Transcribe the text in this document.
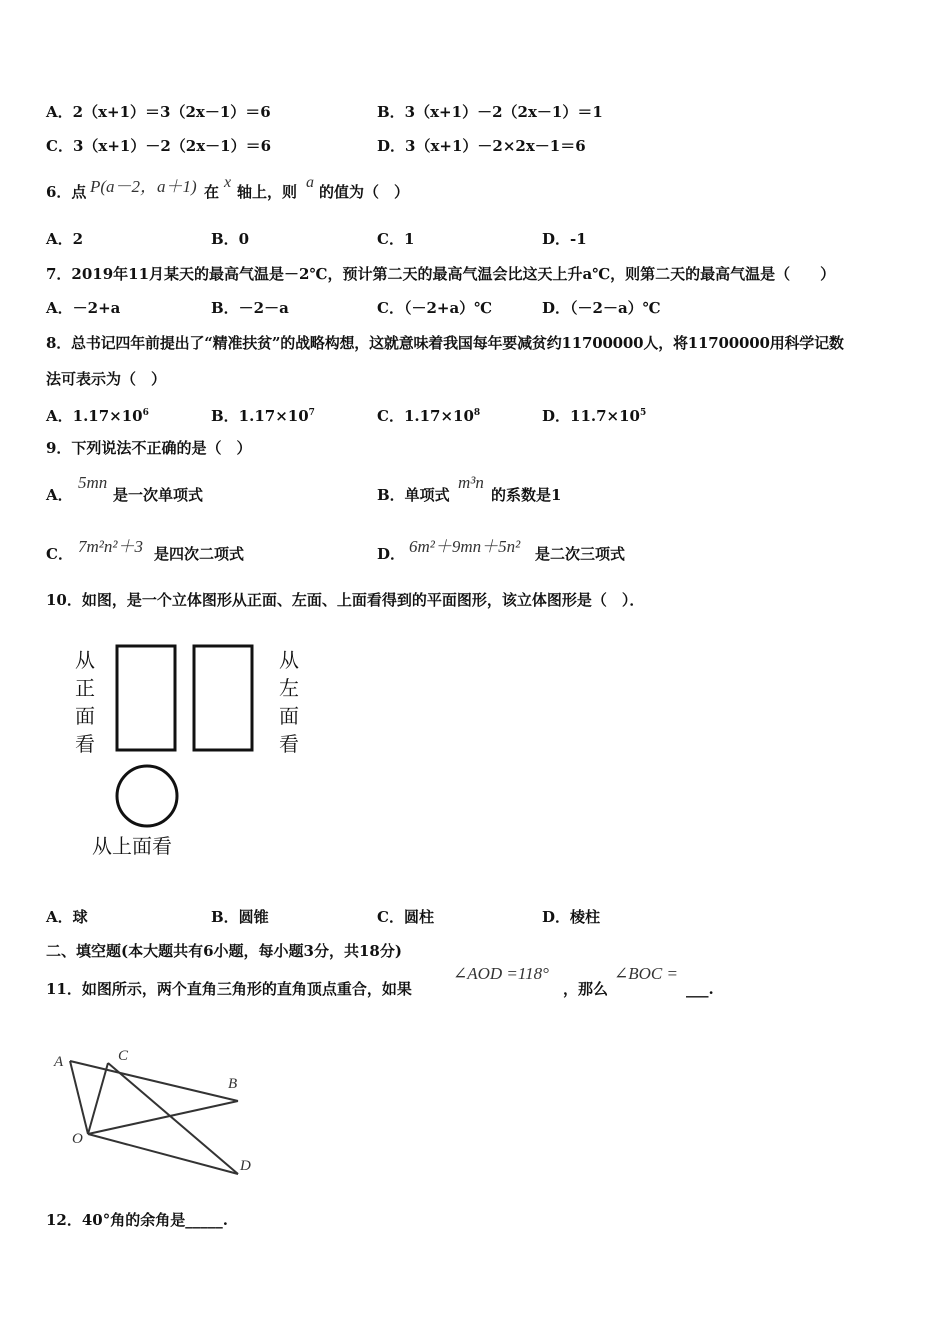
A．2（x+1）＝3（2x－1）＝6	B．3（x+1）－2（2x－1）＝1
C．3（x+1）－2（2x－1）＝6	D．3（x+1）－2×2x－1＝6
6．点 P(a－2，a＋1) 在
x
轴上，则
a
的值为（　）
A．2	B．0	C．1	D．-1
7．2019年11月某天的最高气温是－2℃，预计第二天的最高气温会比这天上升a℃，则第二天的最高气温是（　　）
A．－2+a	B．－2－a	C．（－2+a）℃	D．（－2－a）℃
8．总书记四年前提出了“精准扶贫”的战略构想，这就意味着我国每年要减贫约11700000人，将11700000用科学记数
法可表示为（　）
A．$1.17\times 10^6$	B．$1.17\times 10^7$	C．$1.17\times 10^8$	D．$11.7\times 10^5$
9．下列说法不正确的是（　）
A．
5mn
是一次单项式	B．单项式
m³n
的系数是1
C． 7m²n²＋3 是四次二项式	D． 6m²＋9mn＋5n² 是二次三项式
10．如图，是一个立体图形从正面、左面、上面看得到的平面图形，该立体图形是（　）．
从正面看
从左面看
从上面看
A．球	B．圆锥	C．圆柱	D．棱柱
二、填空题(本大题共有6小题，每小题3分，共18分)
11．如图所示，两个直角三角形的直角顶点重合，如果
∠AOD =118°
，那么
∠BOC =
___.
A	C
B
O
D
12．40°角的余角是_____.
